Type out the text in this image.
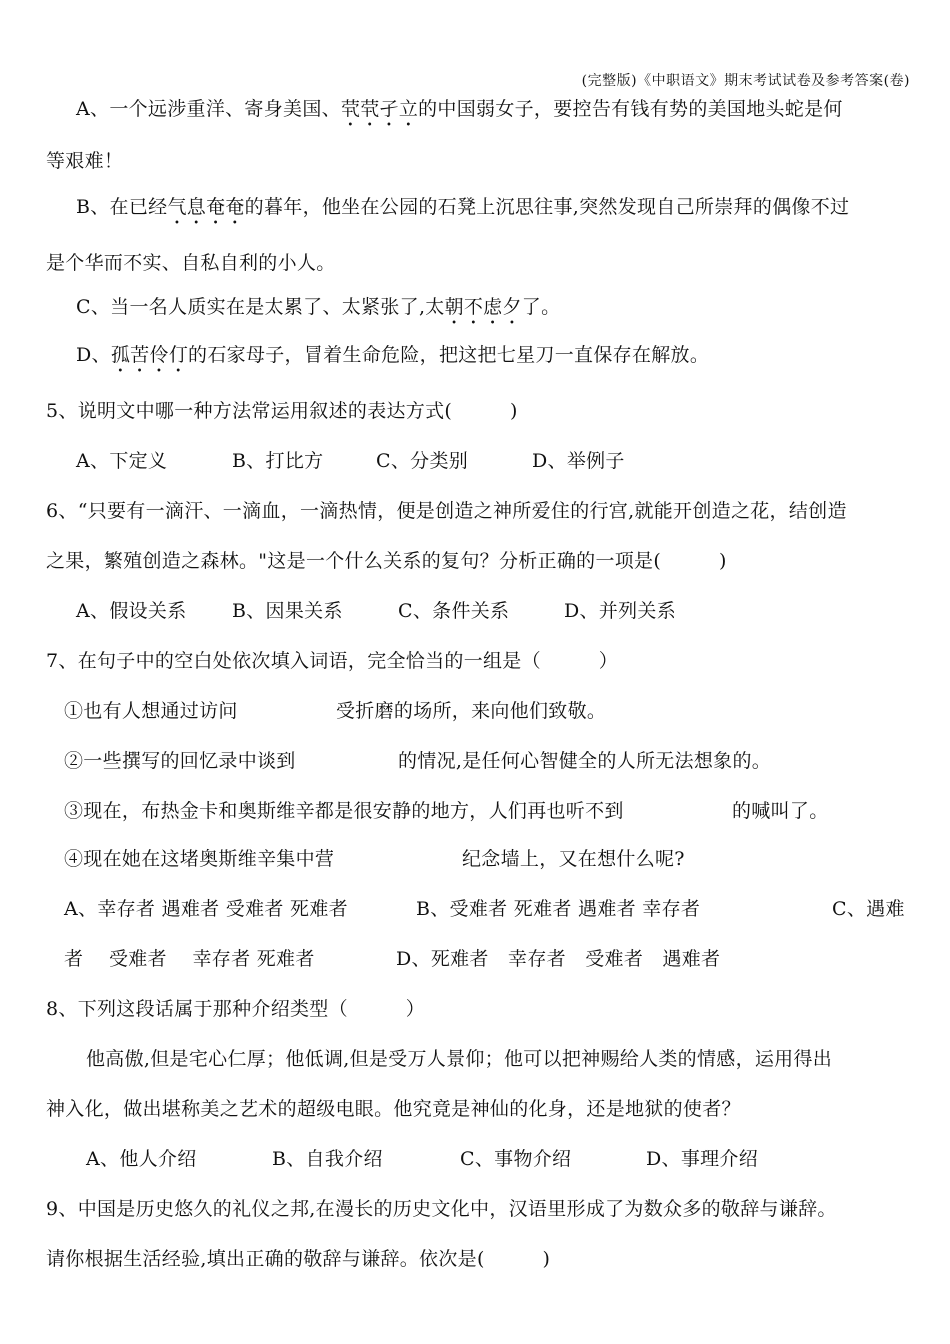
(完整版)《中职语文》期末考试试卷及参考答案(卷)
A、一个远涉重洋、寄身美国、茕茕孑立的中国弱女子，要控告有钱有势的美国地头蛇是何
等艰难！
B、在已经气息奄奄的暮年，他坐在公园的石凳上沉思往事,突然发现自己所崇拜的偶像不过
是个华而不实、自私自利的小人。
C、当一名人质实在是太累了、太紧张了,太朝不虑夕了。
D、孤苦伶仃的石家母子，冒着生命危险，把这把七星刀一直保存在解放。
5、说明文中哪一种方法常运用叙述的表达方式(　　　)
A、下定义	B、打比方	C、分类别	D、举例子
6、“只要有一滴汗、一滴血，一滴热情，便是创造之神所爱住的行宫,就能开创造之花，结创造
之果，繁殖创造之森林。"这是一个什么关系的复句？分析正确的一项是(　　　)
A、假设关系 B、因果关系	C、条件关系	D、并列关系
7、在句子中的空白处依次填入词语，完全恰当的一组是（　　　）
①也有人想通过访问	受折磨的场所，来向他们致敬。
②一些撰写的回忆录中谈到	的情况,是任何心智健全的人所无法想象的。
③现在，布热金卡和奥斯维辛都是很安静的地方，人们再也听不到	的喊叫了。
④现在她在这堵奥斯维辛集中营	纪念墙上，又在想什么呢?
A、幸存者 遇难者 受难者 死难者	B、受难者 死难者 遇难者 幸存者	C、遇难
者　 受难者　 幸存者 死难者	D、死难者　幸存者　受难者　遇难者
8、下列这段话属于那种介绍类型（　　　）
他高傲,但是宅心仁厚；他低调,但是受万人景仰；他可以把神赐给人类的情感，运用得出
神入化，做出堪称美之艺术的超级电眼。他究竟是神仙的化身，还是地狱的使者？
A、他人介绍	B、自我介绍	C、事物介绍	D、事理介绍
9、中国是历史悠久的礼仪之邦,在漫长的历史文化中，汉语里形成了为数众多的敬辞与谦辞。
请你根据生活经验,填出正确的敬辞与谦辞。依次是(　　　)
